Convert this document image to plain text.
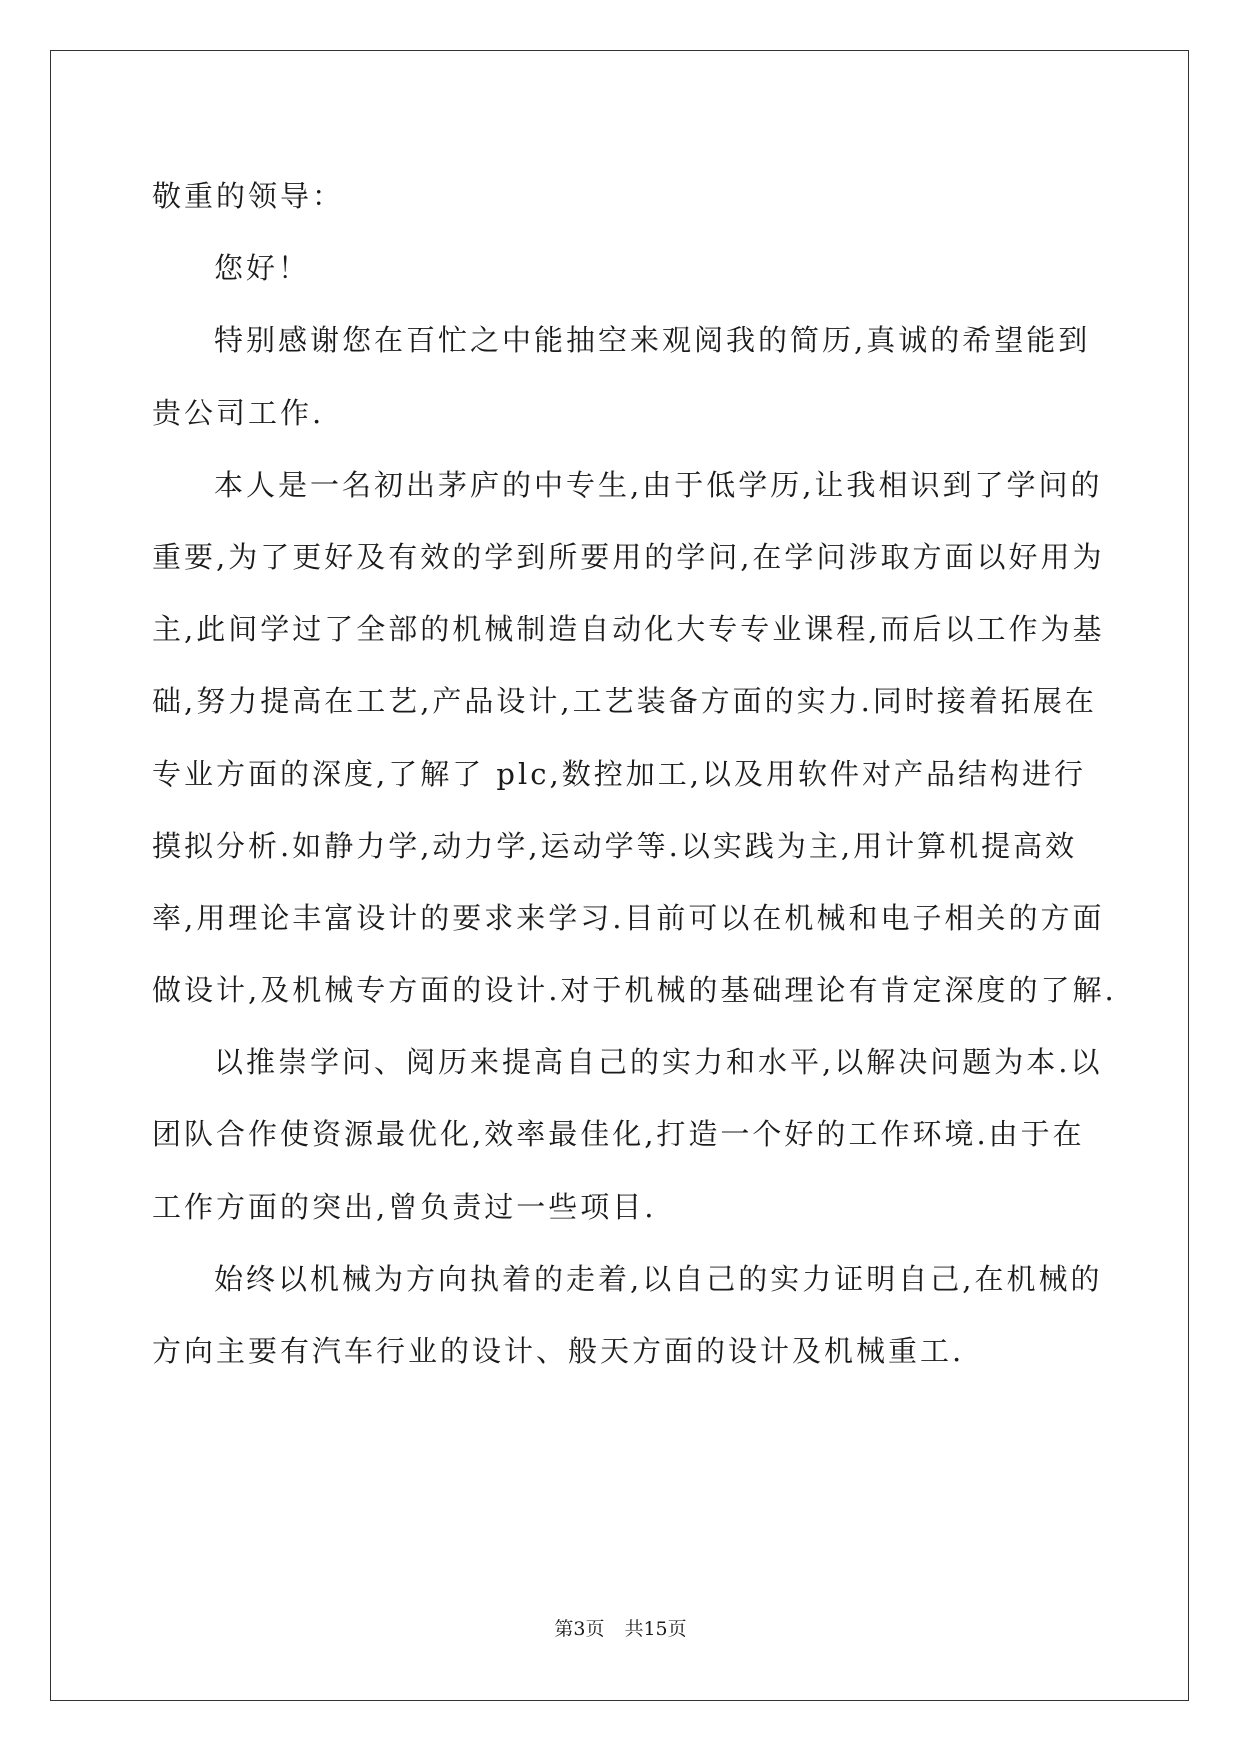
敬重的领导：
您好！
特别感谢您在百忙之中能抽空来观阅我的简历,真诚的希望能到
贵公司工作.
本人是一名初出茅庐的中专生,由于低学历,让我相识到了学问的
重要,为了更好及有效的学到所要用的学问,在学问涉取方面以好用为
主,此间学过了全部的机械制造自动化大专专业课程,而后以工作为基
础,努力提高在工艺,产品设计,工艺装备方面的实力.同时接着拓展在
专业方面的深度,了解了 plc,数控加工,以及用软件对产品结构进行
摸拟分析.如静力学,动力学,运动学等.以实践为主,用计算机提高效
率,用理论丰富设计的要求来学习.目前可以在机械和电子相关的方面
做设计,及机械专方面的设计.对于机械的基础理论有肯定深度的了解.
以推崇学问、阅历来提高自己的实力和水平,以解决问题为本.以
团队合作使资源最优化,效率最佳化,打造一个好的工作环境.由于在
工作方面的突出,曾负责过一些项目.
始终以机械为方向执着的走着,以自己的实力证明自己,在机械的
方向主要有汽车行业的设计、般天方面的设计及机械重工.
第3页 共15页
